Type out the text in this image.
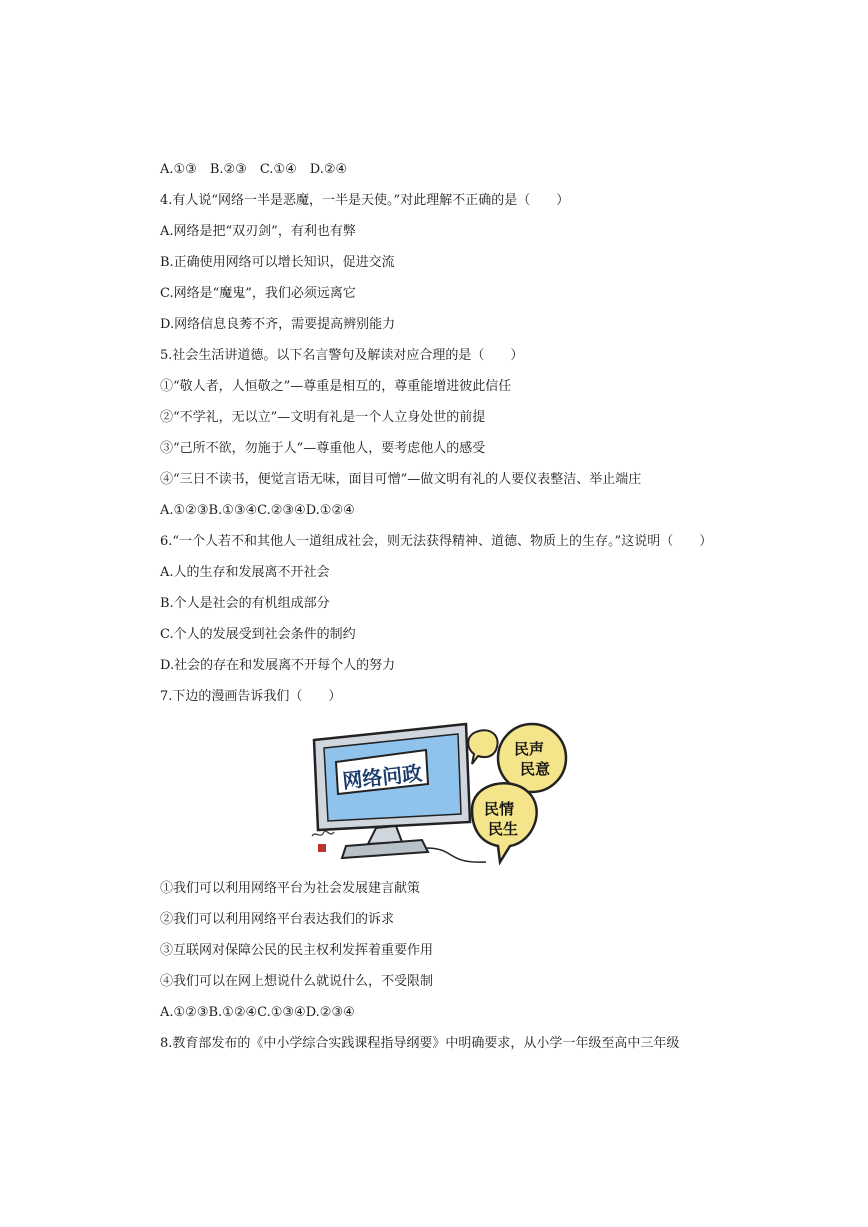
A.①③　B.②③　C.①④　D.②④
4.有人说“网络一半是恶魔，一半是天使。”对此理解不正确的是（　　）
A.网络是把“双刃剑”，有利也有弊
B.正确使用网络可以增长知识，促进交流
C.网络是“魔鬼”，我们必须远离它
D.网络信息良莠不齐，需要提高辨别能力
5.社会生活讲道德。以下名言警句及解读对应合理的是（　　）
①“敬人者，人恒敬之”—尊重是相互的，尊重能增进彼此信任
②“不学礼，无以立”—文明有礼是一个人立身处世的前提
③“己所不欲，勿施于人”—尊重他人，要考虑他人的感受
④“三日不读书，便觉言语无味，面目可憎”—做文明有礼的人要仪表整洁、举止端庄
A.①②③B.①③④C.②③④D.①②④
6.“一个人若不和其他人一道组成社会，则无法获得精神、道德、物质上的生存。”这说明（　　）
A.人的生存和发展离不开社会
B.个人是社会的有机组成部分
C.个人的发展受到社会条件的制约
D.社会的存在和发展离不开每个人的努力
7.下边的漫画告诉我们（　　）
网络问政
民声
民意
民情
民生
①我们可以利用网络平台为社会发展建言献策
②我们可以利用网络平台表达我们的诉求
③互联网对保障公民的民主权利发挥着重要作用
④我们可以在网上想说什么就说什么，不受限制
A.①②③B.①②④C.①③④D.②③④
8.教育部发布的《中小学综合实践课程指导纲要》中明确要求，从小学一年级至高中三年级
